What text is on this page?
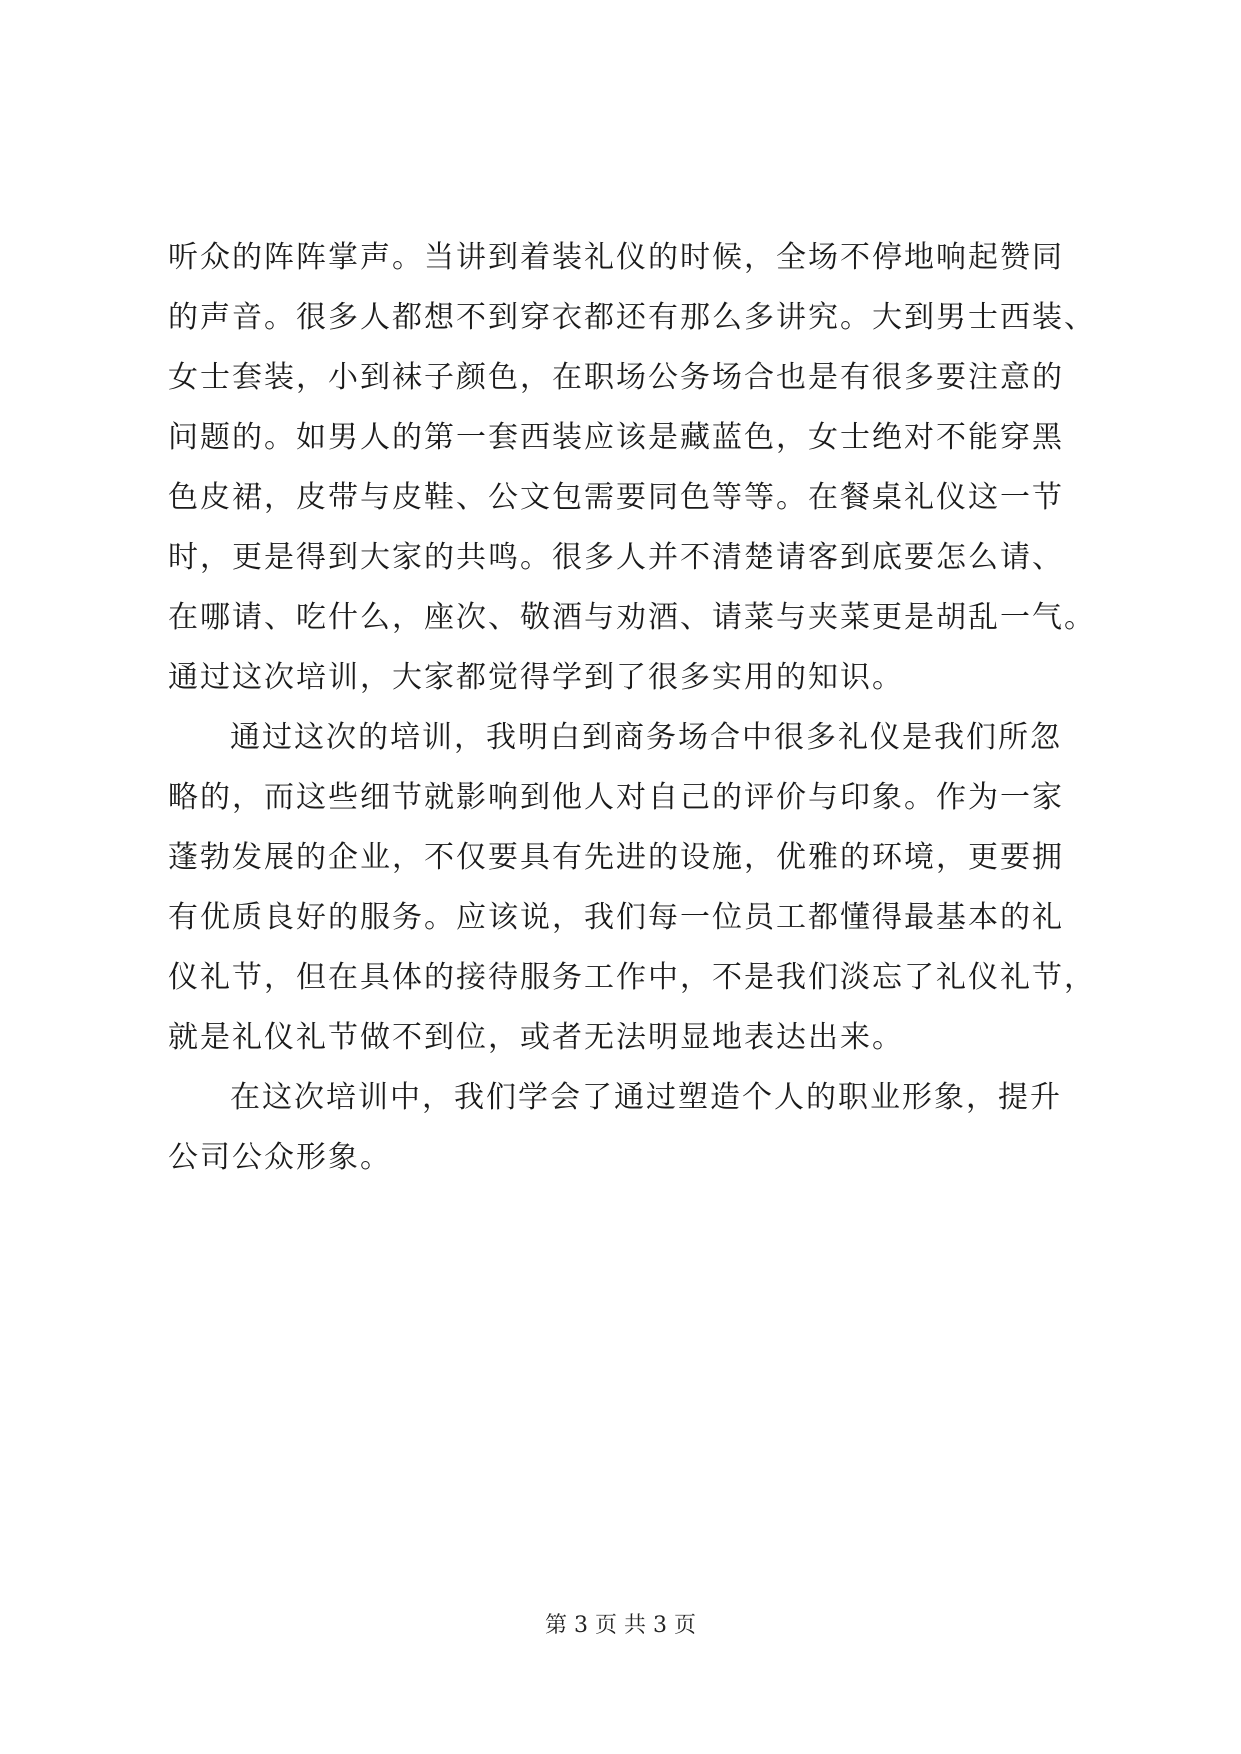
听众的阵阵掌声。当讲到着装礼仪的时候，全场不停地响起赞同
的声音。很多人都想不到穿衣都还有那么多讲究。大到男士西装、
女士套装，小到袜子颜色，在职场公务场合也是有很多要注意的
问题的。如男人的第一套西装应该是藏蓝色，女士绝对不能穿黑
色皮裙，皮带与皮鞋、公文包需要同色等等。在餐桌礼仪这一节
时，更是得到大家的共鸣。很多人并不清楚请客到底要怎么请、
在哪请、吃什么，座次、敬酒与劝酒、请菜与夹菜更是胡乱一气。
通过这次培训，大家都觉得学到了很多实用的知识。
通过这次的培训，我明白到商务场合中很多礼仪是我们所忽
略的，而这些细节就影响到他人对自己的评价与印象。作为一家
蓬勃发展的企业，不仅要具有先进的设施，优雅的环境，更要拥
有优质良好的服务。应该说，我们每一位员工都懂得最基本的礼
仪礼节，但在具体的接待服务工作中，不是我们淡忘了礼仪礼节，
就是礼仪礼节做不到位，或者无法明显地表达出来。
在这次培训中，我们学会了通过塑造个人的职业形象，提升
公司公众形象。
第 3 页 共 3 页
